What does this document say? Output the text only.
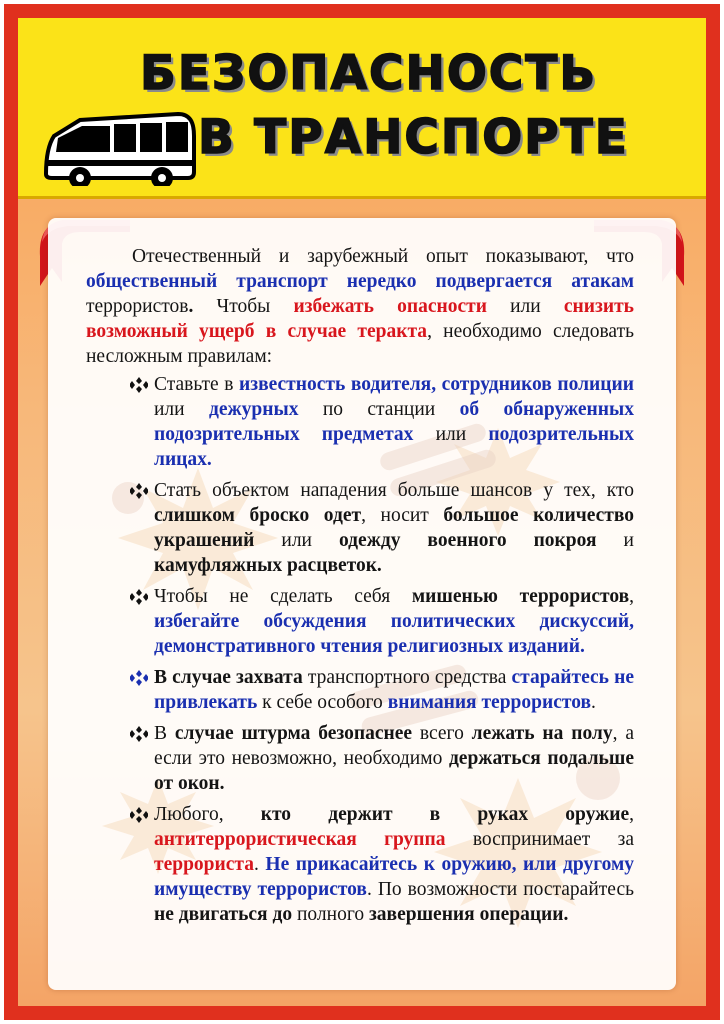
БЕЗОПАСНОСТЬ
В ТРАНСПОРТЕ

Отечественный и зарубежный опыт показывают, что общественный транспорт нередко подвергается атакам террористов. Чтобы избежать опасности или снизить возможный ущерб в случае теракта, необходимо следовать несложным правилам:

Ставьте в известность водителя, сотрудников полиции или дежурных по станции об обнаруженных подозрительных предметах или подозрительных лицах.
Стать объектом нападения больше шансов у тех, кто слишком броско одет, носит большое количество украшений или одежду военного покроя и камуфляжных расцветок.
Чтобы не сделать себя мишенью террористов, избегайте обсуждения политических дискуссий, демонстративного чтения религиозных изданий.
В случае захвата транспортного средства старайтесь не привлекать к себе особого внимания террористов.
В случае штурма безопаснее всего лежать на полу, а если это невозможно, необходимо держаться подальше от окон.
Любого, кто держит в руках оружие, антитеррористическая группа воспринимает за террориста. Не прикасайтесь к оружию, или другому имуществу террористов. По возможности постарайтесь не двигаться до полного завершения операции.
